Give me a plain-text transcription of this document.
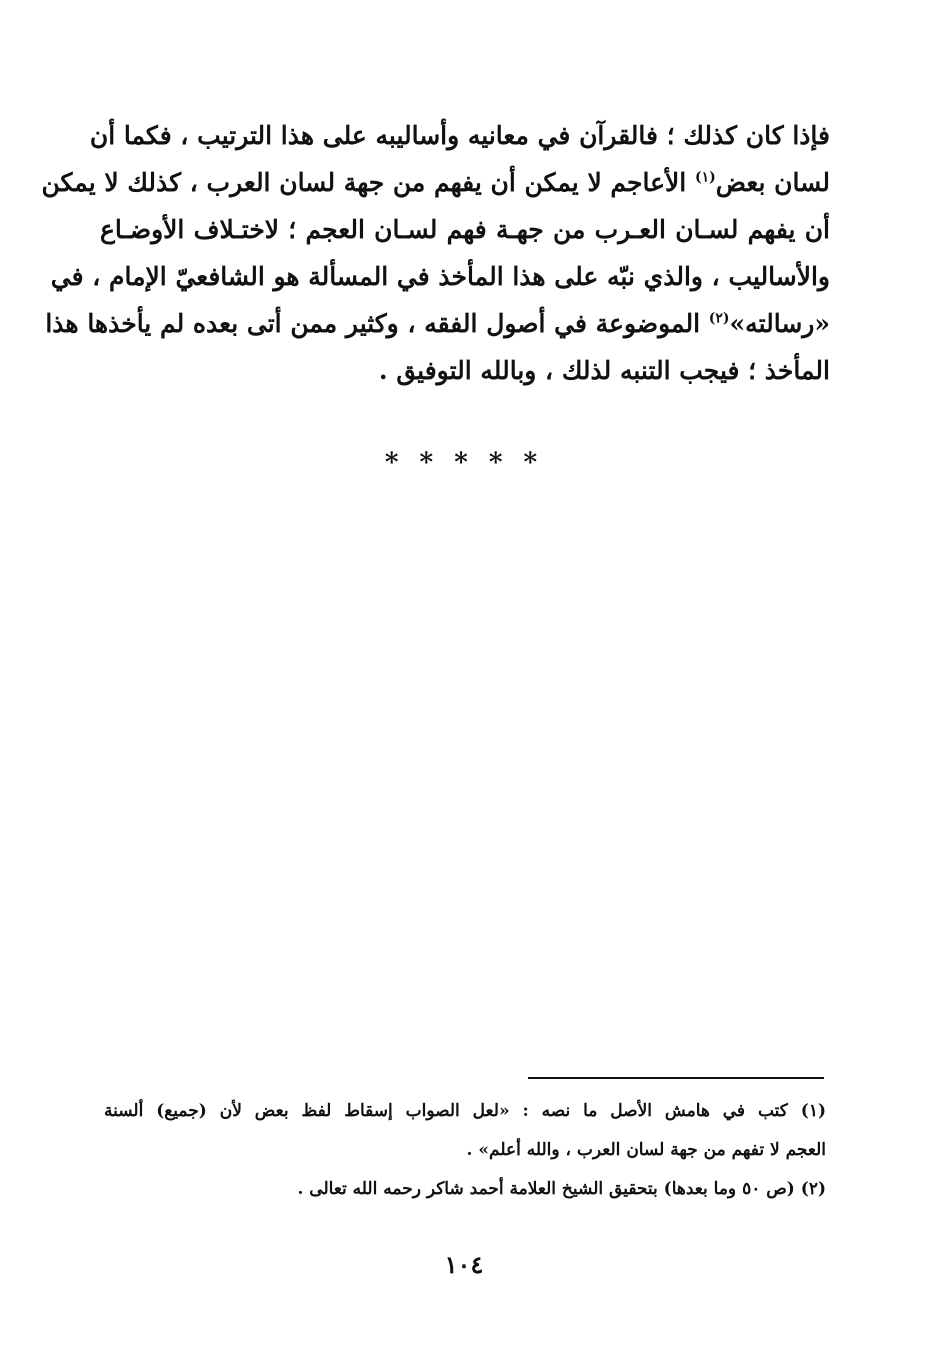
فإذا كان كذلك ؛ فالقرآن في معانيه وأساليبه على هذا الترتيب ، فكما أن
لسان بعض$^{(١)}$ الأعاجم لا يمكن أن يفهم من جهة لسان العرب ، كذلك لا يمكن
أن يفهم لسـان العـرب من جهـة فهم لسـان العجم ؛ لاختـلاف الأوضـاع
والأساليب ، والذي نبّه على هذا المأخذ في المسألة هو الشافعيّ الإمام ، في
«رسالته»$^{(٢)}$ الموضوعة في أصول الفقه ، وكثير ممن أتى بعده لم يأخذها هذا
المأخذ ؛ فيجب التنبه لذلك ، وبالله التوفيق .
* * * * *
(١) كتب في هامش الأصل ما نصه : «لعل الصواب إسقاط لفظ بعض لأن (جميع) ألسنة
العجم لا تفهم من جهة لسان العرب ، والله أعلم» .
(٢) (ص ٥٠ وما بعدها) بتحقيق الشيخ العلامة أحمد شاكر رحمه الله تعالى .
١٠٤
